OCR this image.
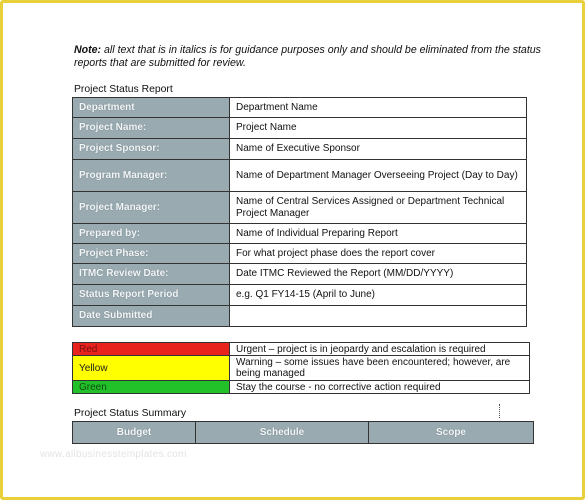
Note: all text that is in italics is for guidance purposes only and should be eliminated from the status reports that are submitted for review.
Project Status Report
Department	Department Name
Project Name:	Project Name
Project Sponsor:	Name of Executive Sponsor
Program Manager:	Name of Department Manager Overseeing Project (Day to Day)
Project Manager:	Name of Central Services Assigned or Department Technical Project Manager
Prepared by:	Name of Individual Preparing Report
Project Phase:	For what project phase does the report cover
ITMC Review Date:	Date ITMC Reviewed the Report (MM/DD/YYYY)
Status Report Period	e.g. Q1 FY14-15 (April to June)
Date Submitted	
Red	Urgent – project is in jeopardy and escalation is required
Yellow	Warning – some issues have been encountered; however, are being managed
Green	Stay the course - no corrective action required
Project Status Summary
Budget	Schedule	Scope
www.allbusinesstemplates.com
